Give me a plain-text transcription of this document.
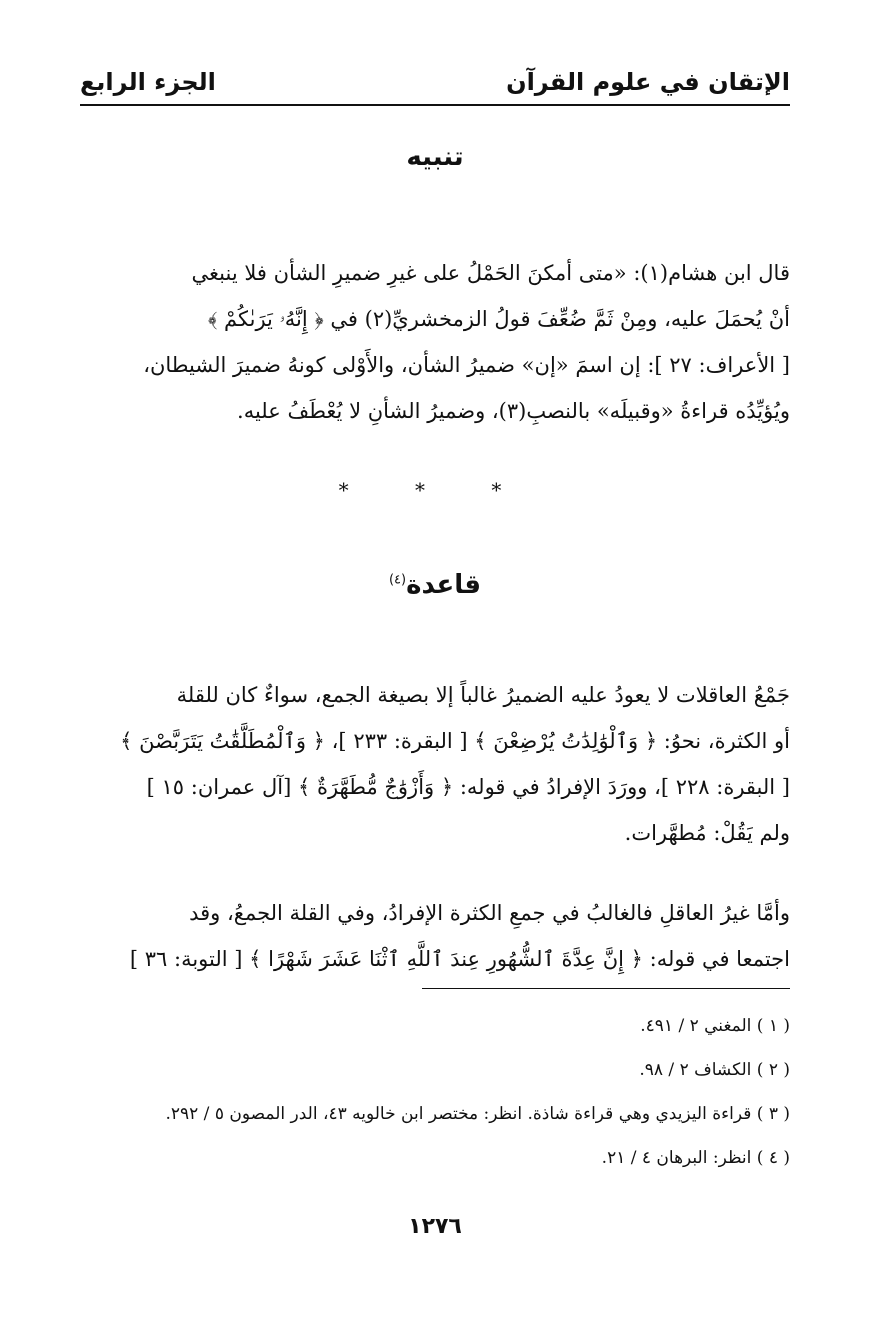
الإتقان في علوم القرآن
الجزء الرابع
تنبيه
قال ابن هشام(١): «متى أمكنَ الحَمْلُ على غيرِ ضميرِ الشأن فلا ينبغي
أنْ يُحمَلَ عليه، ومِنْ ثَمَّ ضُعِّفَ قولُ الزمخشريِّ(٢) في ﴿ إِنَّهُۥ يَرَىٰكُمْ ﴾
[ الأعراف: ٢٧ ]: إن اسمَ «إن» ضميرُ الشأن، والأَوْلى كونهُ ضميرَ الشيطان،
ويُؤيِّدُه قراءةُ «وقبيلَه» بالنصبِ(٣)، وضميرُ الشأنِ لا يُعْطَفُ عليه.
* * *
قاعدة$^{(٤)}$
جَمْعُ العاقلات لا يعودُ عليه الضميرُ غالباً إلا بصيغة الجمع، سواءٌ كان للقلة
أو الكثرة، نحوُ: ﴿ وَٱلْوَٰلِدَٰتُ يُرْضِعْنَ ﴾ [ البقرة: ٢٣٣ ]، ﴿ وَٱلْمُطَلَّقَٰتُ يَتَرَبَّصْنَ ﴾
[ البقرة: ٢٢٨ ]، وورَدَ الإفرادُ في قوله: ﴿ وَأَزْوَٰجٌ مُّطَهَّرَةٌ ﴾ [آل عمران: ١٥ ]
ولم يَقُلْ: مُطهَّرات.
وأمَّا غيرُ العاقلِ فالغالبُ في جمعِ الكثرة الإفرادُ، وفي القلة الجمعُ، وقد
اجتمعا في قوله: ﴿ إِنَّ عِدَّةَ ٱلشُّهُورِ عِندَ ٱللَّهِ ٱثْنَا عَشَرَ شَهْرًا ﴾ [ التوبة: ٣٦ ]
( ١ ) المغني ٢ / ٤٩١.
( ٢ ) الكشاف ٢ / ٩٨.
( ٣ ) قراءة اليزيدي وهي قراءة شاذة. انظر: مختصر ابن خالويه ٤٣، الدر المصون ٥ / ٢٩٢.
( ٤ ) انظر: البرهان ٤ / ٢١.
١٢٧٦
